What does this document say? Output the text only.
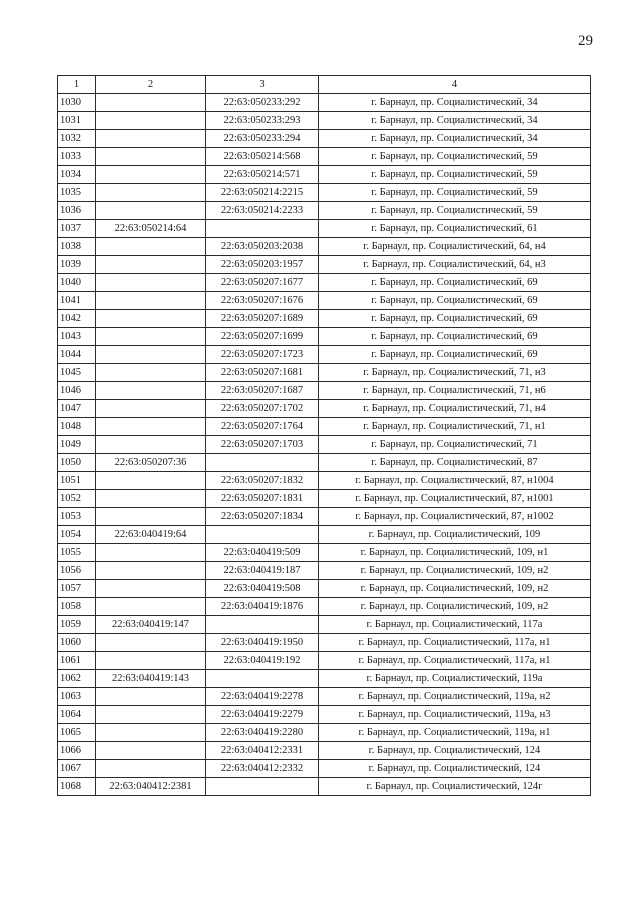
29
1	2	3	4
1030		22:63:050233:292	г. Барнаул, пр. Социалистический, 34
1031		22:63:050233:293	г. Барнаул, пр. Социалистический, 34
1032		22:63:050233:294	г. Барнаул, пр. Социалистический, 34
1033		22:63:050214:568	г. Барнаул, пр. Социалистический, 59
1034		22:63:050214:571	г. Барнаул, пр. Социалистический, 59
1035		22:63:050214:2215	г. Барнаул, пр. Социалистический, 59
1036		22:63:050214:2233	г. Барнаул, пр. Социалистический, 59
1037	22:63:050214:64		г. Барнаул, пр. Социалистический, 61
1038		22:63:050203:2038	г. Барнаул, пр. Социалистический, 64, н4
1039		22:63:050203:1957	г. Барнаул, пр. Социалистический, 64, н3
1040		22:63:050207:1677	г. Барнаул, пр. Социалистический, 69
1041		22:63:050207:1676	г. Барнаул, пр. Социалистический, 69
1042		22:63:050207:1689	г. Барнаул, пр. Социалистический, 69
1043		22:63:050207:1699	г. Барнаул, пр. Социалистический, 69
1044		22:63:050207:1723	г. Барнаул, пр. Социалистический, 69
1045		22:63:050207:1681	г. Барнаул, пр. Социалистический, 71, н3
1046		22:63:050207:1687	г. Барнаул, пр. Социалистический, 71, н6
1047		22:63:050207:1702	г. Барнаул, пр. Социалистический, 71, н4
1048		22:63:050207:1764	г. Барнаул, пр. Социалистический, 71, н1
1049		22:63:050207:1703	г. Барнаул, пр. Социалистический, 71
1050	22:63:050207:36		г. Барнаул, пр. Социалистический, 87
1051		22:63:050207:1832	г. Барнаул, пр. Социалистический, 87, н1004
1052		22:63:050207:1831	г. Барнаул, пр. Социалистический, 87, н1001
1053		22:63:050207:1834	г. Барнаул, пр. Социалистический, 87, н1002
1054	22:63:040419:64		г. Барнаул, пр. Социалистический, 109
1055		22:63:040419:509	г. Барнаул, пр. Социалистический, 109, н1
1056		22:63:040419:187	г. Барнаул, пр. Социалистический, 109, н2
1057		22:63:040419:508	г. Барнаул, пр. Социалистический, 109, н2
1058		22:63:040419:1876	г. Барнаул, пр. Социалистический, 109, н2
1059	22:63:040419:147		г. Барнаул, пр. Социалистический, 117а
1060		22:63:040419:1950	г. Барнаул, пр. Социалистический, 117а, н1
1061		22:63:040419:192	г. Барнаул, пр. Социалистический, 117а, н1
1062	22:63:040419:143		г. Барнаул, пр. Социалистический, 119а
1063		22:63:040419:2278	г. Барнаул, пр. Социалистический, 119а, н2
1064		22:63:040419:2279	г. Барнаул, пр. Социалистический, 119а, н3
1065		22:63:040419:2280	г. Барнаул, пр. Социалистический, 119а, н1
1066		22:63:040412:2331	г. Барнаул, пр. Социалистический, 124
1067		22:63:040412:2332	г. Барнаул, пр. Социалистический, 124
1068	22:63:040412:2381		г. Барнаул, пр. Социалистический, 124г
